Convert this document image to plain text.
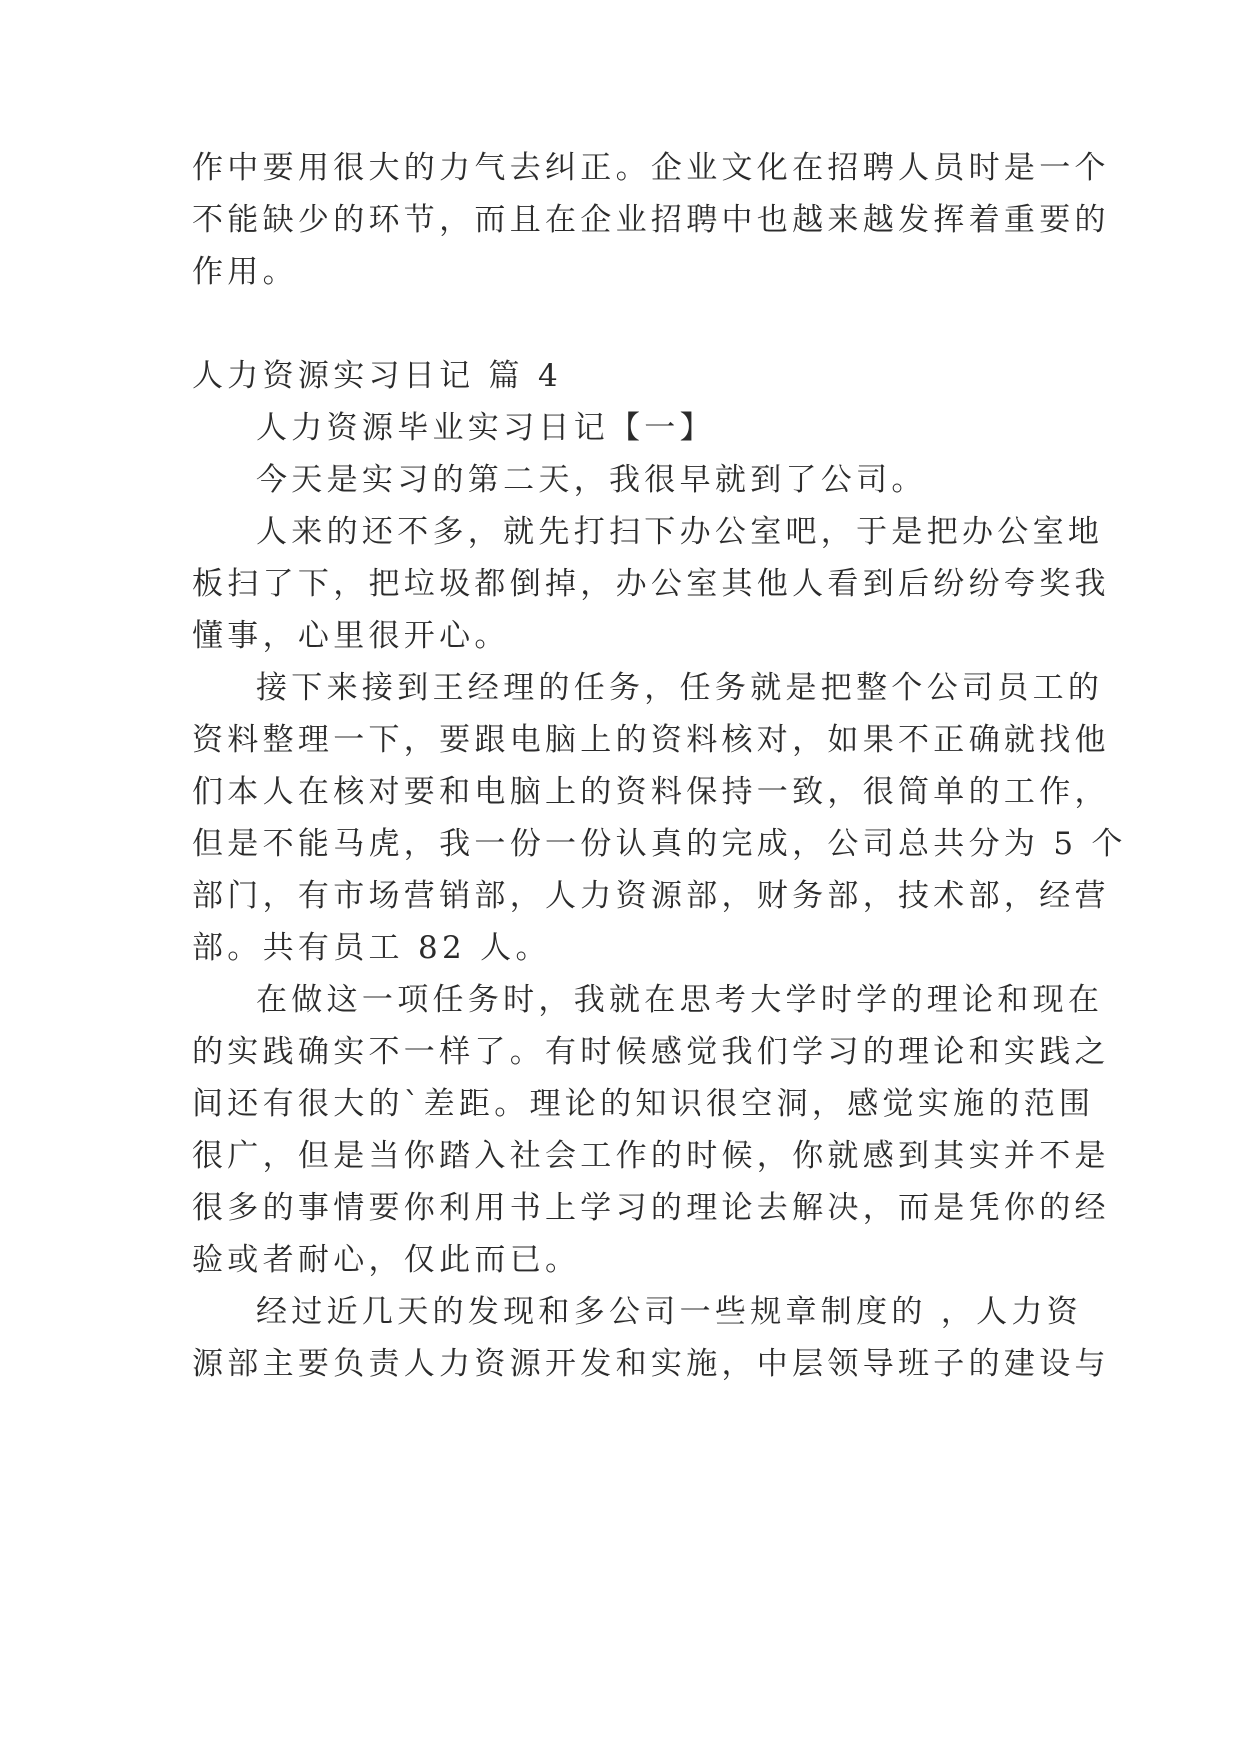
作中要用很大的力气去纠正。企业文化在招聘人员时是一个
不能缺少的环节，而且在企业招聘中也越来越发挥着重要的
作用。
人力资源实习日记 篇 4
人力资源毕业实习日记【一】
今天是实习的第二天，我很早就到了公司。
人来的还不多，就先打扫下办公室吧，于是把办公室地
板扫了下，把垃圾都倒掉，办公室其他人看到后纷纷夸奖我
懂事，心里很开心。
接下来接到王经理的任务，任务就是把整个公司员工的
资料整理一下，要跟电脑上的资料核对，如果不正确就找他
们本人在核对要和电脑上的资料保持一致，很简单的工作，
但是不能马虎，我一份一份认真的完成，公司总共分为 5 个
部门，有市场营销部，人力资源部，财务部，技术部，经营
部。共有员工 82 人。
在做这一项任务时，我就在思考大学时学的理论和现在
的实践确实不一样了。有时候感觉我们学习的理论和实践之
间还有很大的`差距。理论的知识很空洞，感觉实施的范围
很广，但是当你踏入社会工作的时候，你就感到其实并不是
很多的事情要你利用书上学习的理论去解决，而是凭你的经
验或者耐心，仅此而已。
经过近几天的发现和多公司一些规章制度的 ，人力资
源部主要负责人力资源开发和实施，中层领导班子的建设与
